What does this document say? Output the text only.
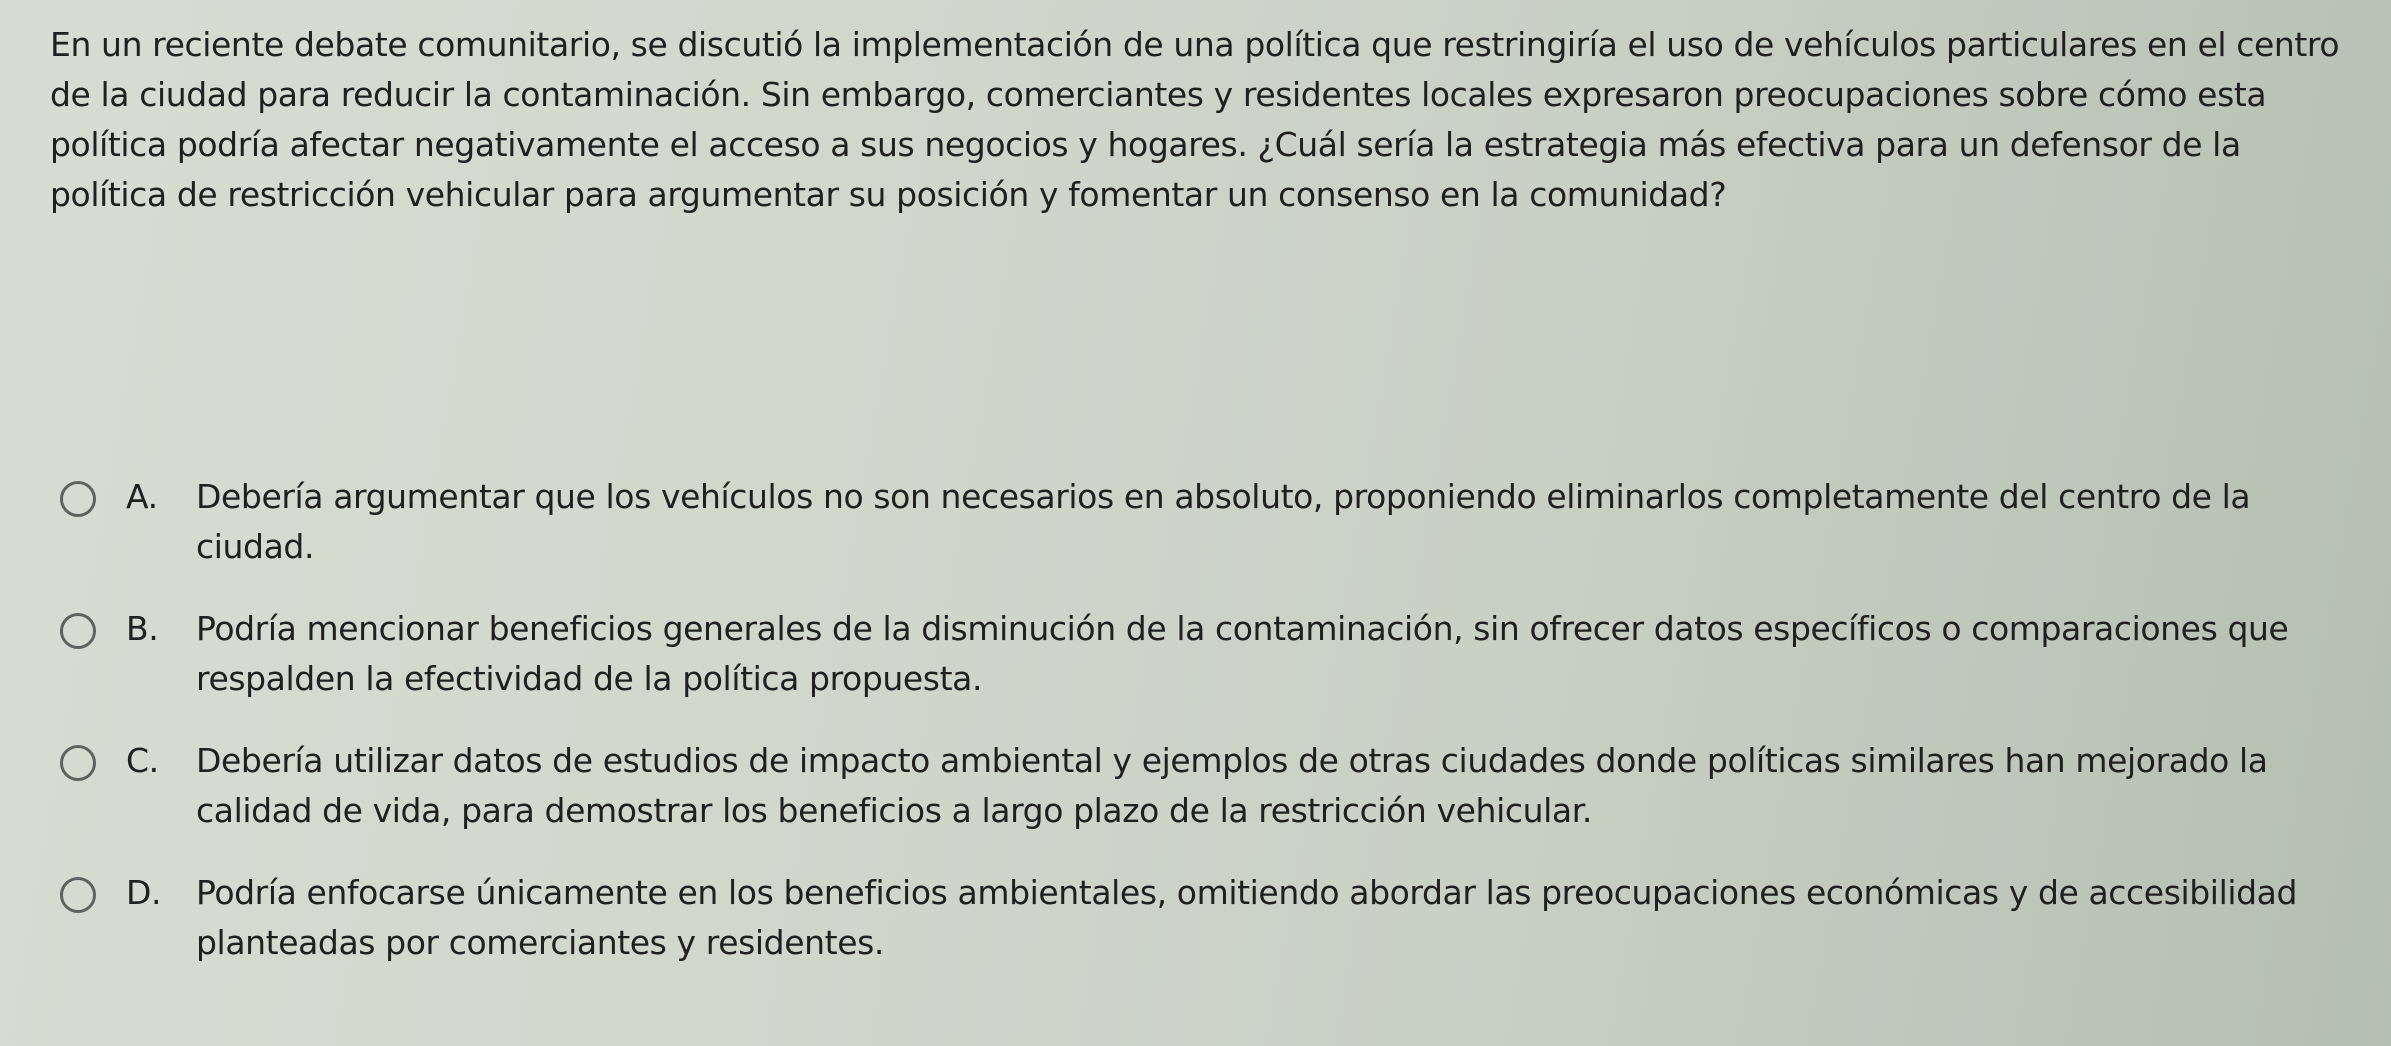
En un reciente debate comunitario, se discutió la implementación de una política que restringiría el uso de vehículos particulares en el centro de la ciudad para reducir la contaminación. Sin embargo, comerciantes y residentes locales expresaron preocupaciones sobre cómo esta política podría afectar negativamente el acceso a sus negocios y hogares. ¿Cuál sería la estrategia más efectiva para un defensor de la política de restricción vehicular para argumentar su posición y fomentar un consenso en la comunidad?

A.	Debería argumentar que los vehículos no son necesarios en absoluto, proponiendo eliminarlos completamente del centro de la ciudad.
B.	Podría mencionar beneficios generales de la disminución de la contaminación, sin ofrecer datos específicos o comparaciones que respalden la efectividad de la política propuesta.
C.	Debería utilizar datos de estudios de impacto ambiental y ejemplos de otras ciudades donde políticas similares han mejorado la calidad de vida, para demostrar los beneficios a largo plazo de la restricción vehicular.
D.	Podría enfocarse únicamente en los beneficios ambientales, omitiendo abordar las preocupaciones económicas y de accesibilidad planteadas por comerciantes y residentes.
